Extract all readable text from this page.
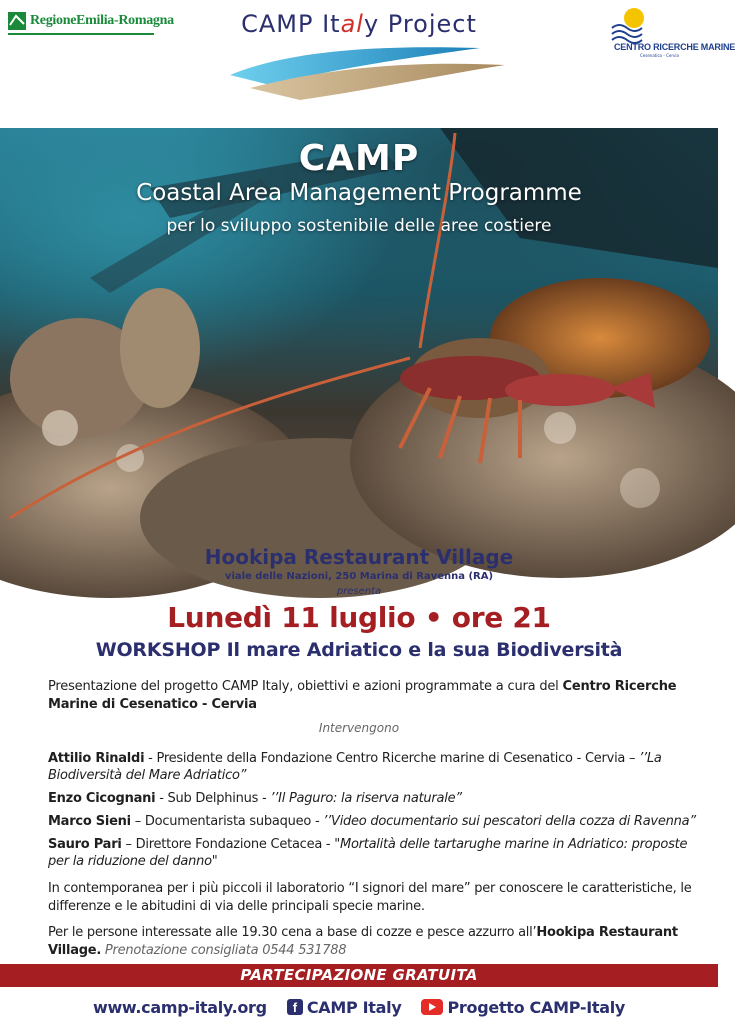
RegioneEmilia-Romagna	CAMP Italy Project
CENTRO RICERCHE MARINE
Cesenatico - Cervia
CAMP
Coastal Area Management Programme
per lo sviluppo sostenibile delle aree costiere
Hookipa Restaurant Village
viale delle Nazioni, 250 Marina di Ravenna (RA)
presenta
Lunedì 11 luglio • ore 21
WORKSHOP Il mare Adriatico e la sua Biodiversità
Presentazione del progetto CAMP Italy, obiettivi e azioni programmate a cura del Centro Ricerche Marine di Cesenatico - Cervia
Intervengono
Attilio Rinaldi - Presidente della Fondazione Centro Ricerche marine di Cesenatico - Cervia – ’’La Biodiversità del Mare Adriatico”
Enzo Cicognani - Sub Delphinus - ’’Il Paguro: la riserva naturale”
Marco Sieni – Documentarista subaqueo - ’’Video documentario sui pescatori della cozza di Ravenna”
Sauro Pari – Direttore Fondazione Cetacea - "Mortalità delle tartarughe marine in Adriatico: proposte per la riduzione del danno"
In contemporanea per i più piccoli il laboratorio “I signori del mare” per conoscere le caratteristiche, le differenze e le abitudini di via delle principali specie marine.
Per le persone interessate alle 19.30 cena a base di cozze e pesce azzurro all’Hookipa Restaurant Village. Prenotazione consigliata 0544 531788
PARTECIPAZIONE GRATUITA
www.camp-italy.org	f CAMP Italy	Progetto CAMP-Italy
